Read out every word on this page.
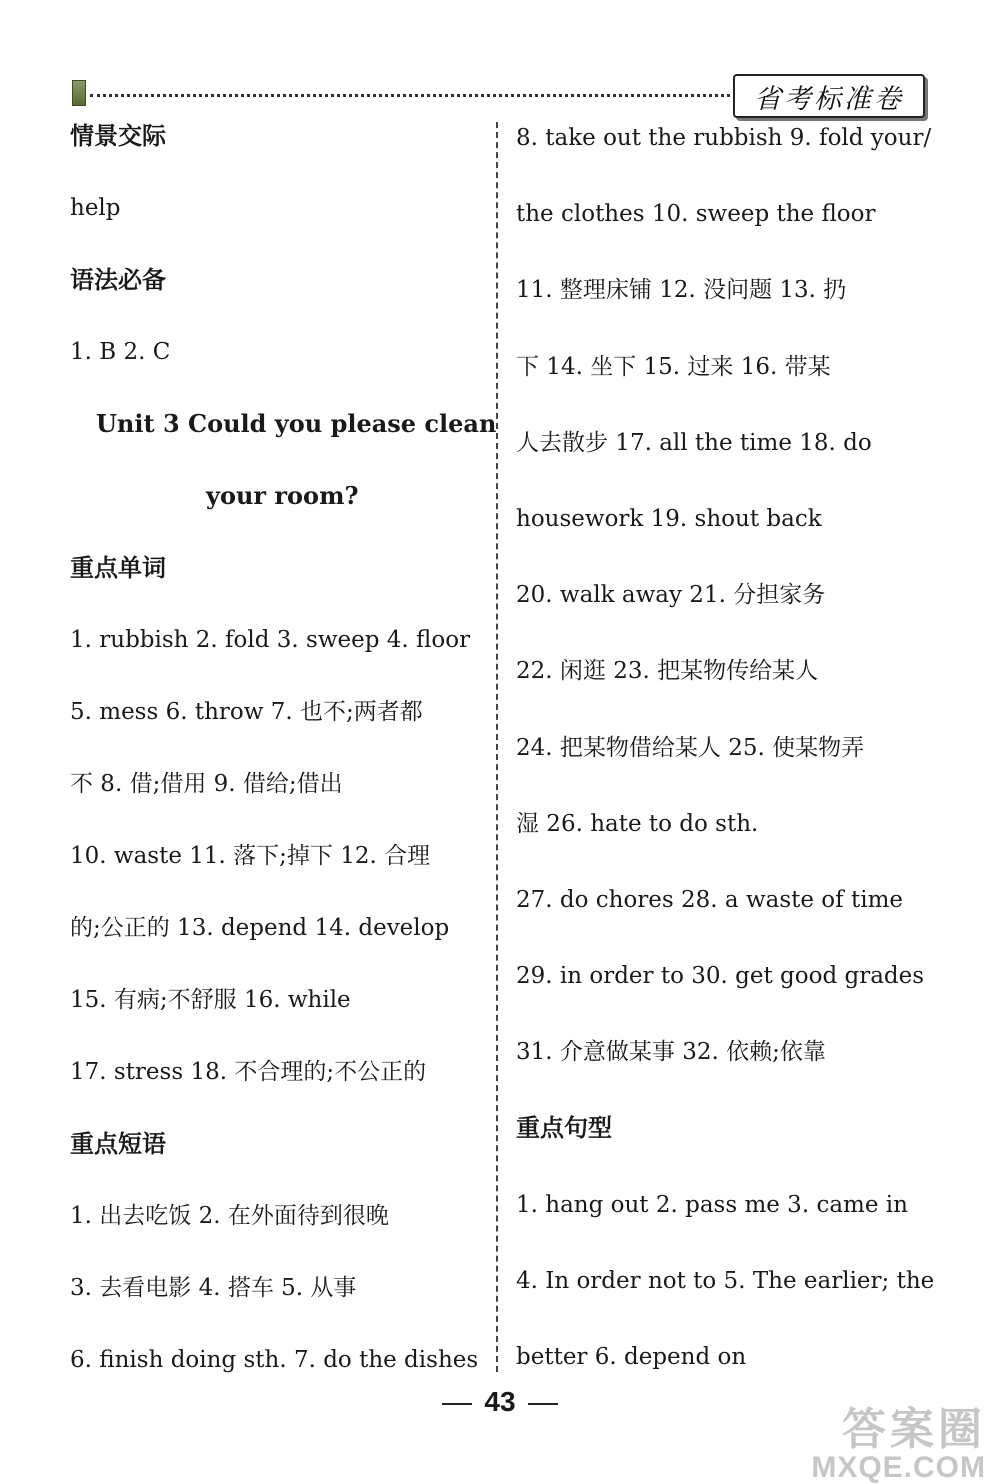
省考标准卷
情景交际
help
语法必备
1. B 2. C
Unit 3 Could you please clean
your room?
重点单词
1. rubbish 2. fold 3. sweep 4. floor
5. mess 6. throw 7. 也不;两者都
不 8. 借;借用 9. 借给;借出
10. waste 11. 落下;掉下 12. 合理
的;公正的 13. depend 14. develop
15. 有病;不舒服 16. while
17. stress 18. 不合理的;不公正的
重点短语
1. 出去吃饭 2. 在外面待到很晚
3. 去看电影 4. 搭车 5. 从事
6. finish doing sth. 7. do the dishes
8. take out the rubbish 9. fold your/
the clothes 10. sweep the floor
11. 整理床铺 12. 没问题 13. 扔
下 14. 坐下 15. 过来 16. 带某
人去散步 17. all the time 18. do
housework 19. shout back
20. walk away 21. 分担家务
22. 闲逛 23. 把某物传给某人
24. 把某物借给某人 25. 使某物弄
湿 26. hate to do sth.
27. do chores 28. a waste of time
29. in order to 30. get good grades
31. 介意做某事 32. 依赖;依靠
重点句型
1. hang out 2. pass me 3. came in
4. In order not to 5. The earlier; the
better 6. depend on
43
答案圈
MXQE.COM
